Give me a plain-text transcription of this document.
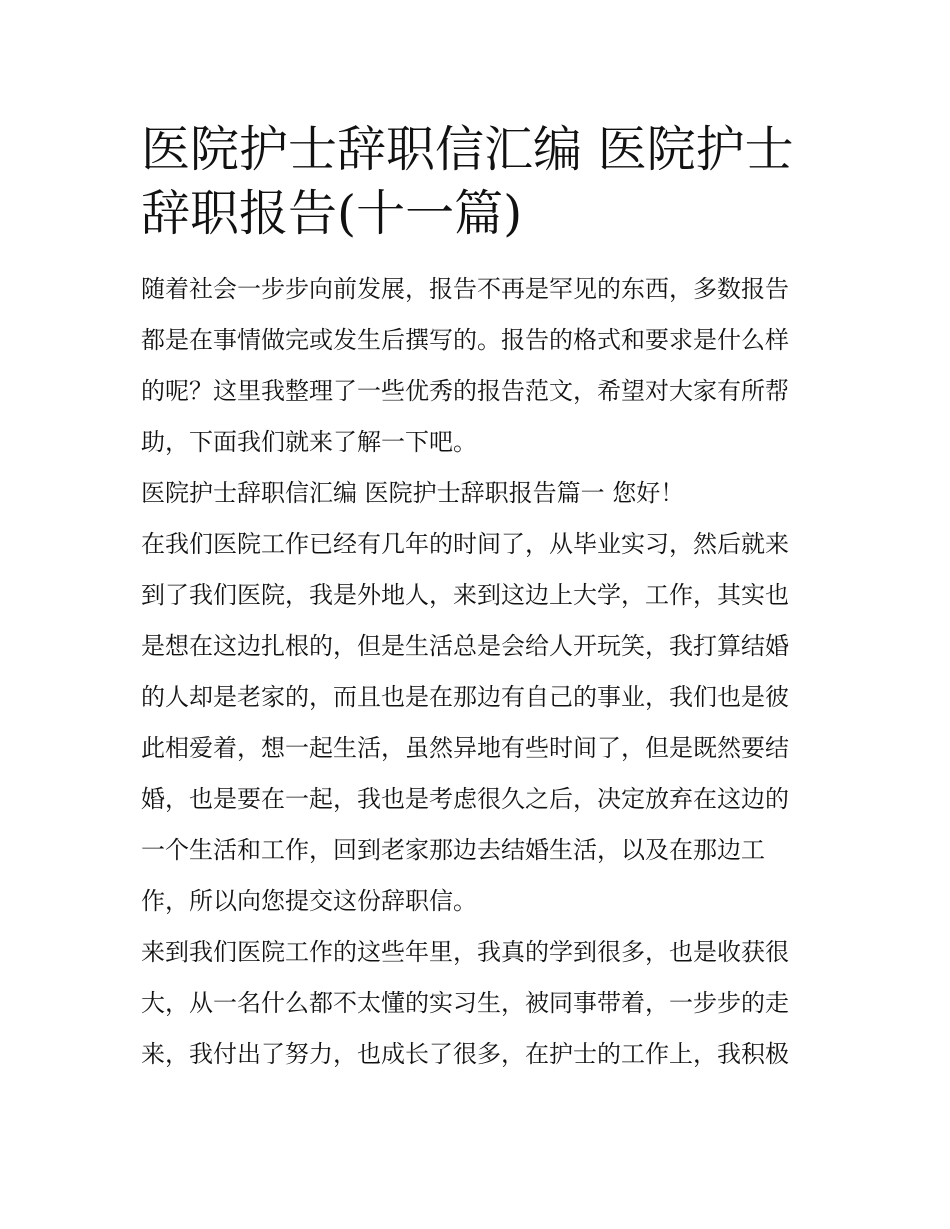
医院护士辞职信汇编 医院护士
辞职报告(十一篇)

随着社会一步步向前发展，报告不再是罕见的东西，多数报告
都是在事情做完或发生后撰写的。报告的格式和要求是什么样
的呢？这里我整理了一些优秀的报告范文，希望对大家有所帮
助，下面我们就来了解一下吧。

医院护士辞职信汇编 医院护士辞职报告篇一 您好！

在我们医院工作已经有几年的时间了，从毕业实习，然后就来
到了我们医院，我是外地人，来到这边上大学，工作，其实也
是想在这边扎根的，但是生活总是会给人开玩笑，我打算结婚
的人却是老家的，而且也是在那边有自己的事业，我们也是彼
此相爱着，想一起生活，虽然异地有些时间了，但是既然要结
婚，也是要在一起，我也是考虑很久之后，决定放弃在这边的
一个生活和工作，回到老家那边去结婚生活，以及在那边工
作，所以向您提交这份辞职信。

来到我们医院工作的这些年里，我真的学到很多，也是收获很
大，从一名什么都不太懂的实习生，被同事带着，一步步的走
来，我付出了努力，也成长了很多，在护士的工作上，我积极
